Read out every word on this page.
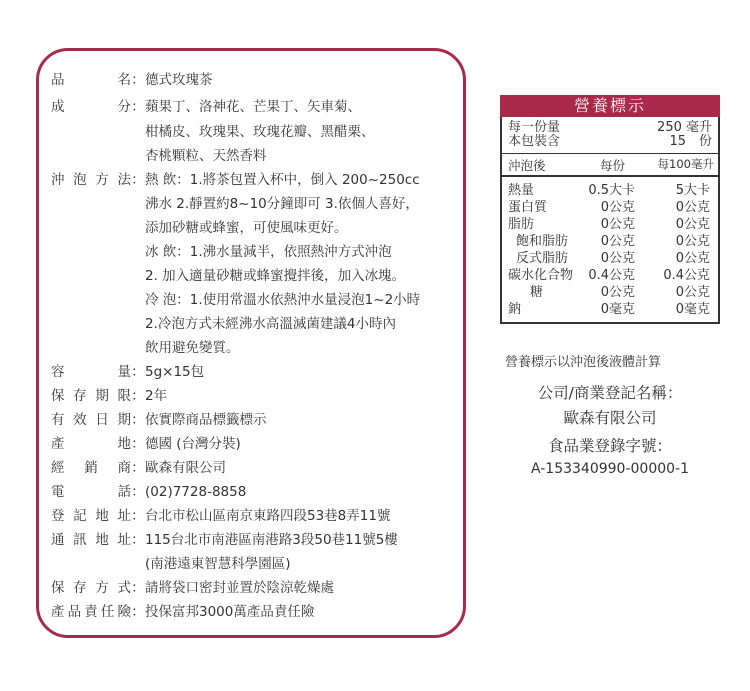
品　名：德式玫瑰茶
成　分：蘋果丁、洛神花、芒果丁、矢車菊、
柑橘皮、玫瑰果、玫瑰花瓣、黑醋栗、
杏桃顆粒、天然香料
沖泡方法：熱 飲：1.將茶包置入杯中，倒入 200~250cc
沸水 2.靜置約8~10分鐘即可 3.依個人喜好，
添加砂糖或蜂蜜，可使風味更好。
冰 飲：1.沸水量減半，依照熱沖方式沖泡
2. 加入適量砂糖或蜂蜜攪拌後，加入冰塊。
冷 泡：1.使用常溫水依熱沖水量浸泡1~2小時
2.冷泡方式未經沸水高溫滅菌建議4小時內
飲用避免變質。
容　量：5g×15包
保存期限：2年
有效日期：依實際商品標籤標示
產　地：德國 (台灣分裝)
經銷商：歐森有限公司
電　話：(02)7728-8858
登記地址：台北市松山區南京東路四段53巷8弄11號
通訊地址：115台北市南港區南港路3段50巷11號5樓
(南港遠東智慧科學園區)
保存方式：請將袋口密封並置於陰涼乾燥處
產品責任險：投保富邦3000萬產品責任險
營養標示
每一份量	250 毫升
本包裝含	15　份
沖泡後	每份	每100毫升
熱量	0.5大卡	5大卡
蛋白質	0公克	0公克
脂肪	0公克	0公克
飽和脂肪	0公克	0公克
反式脂肪	0公克	0公克
碳水化合物 0.4公克 0.4公克
糖	0公克	0公克
鈉	0毫克	0毫克
營養標示以沖泡後液體計算
公司/商業登記名稱：
歐森有限公司
食品業登錄字號：
A-153340990-00000-1
